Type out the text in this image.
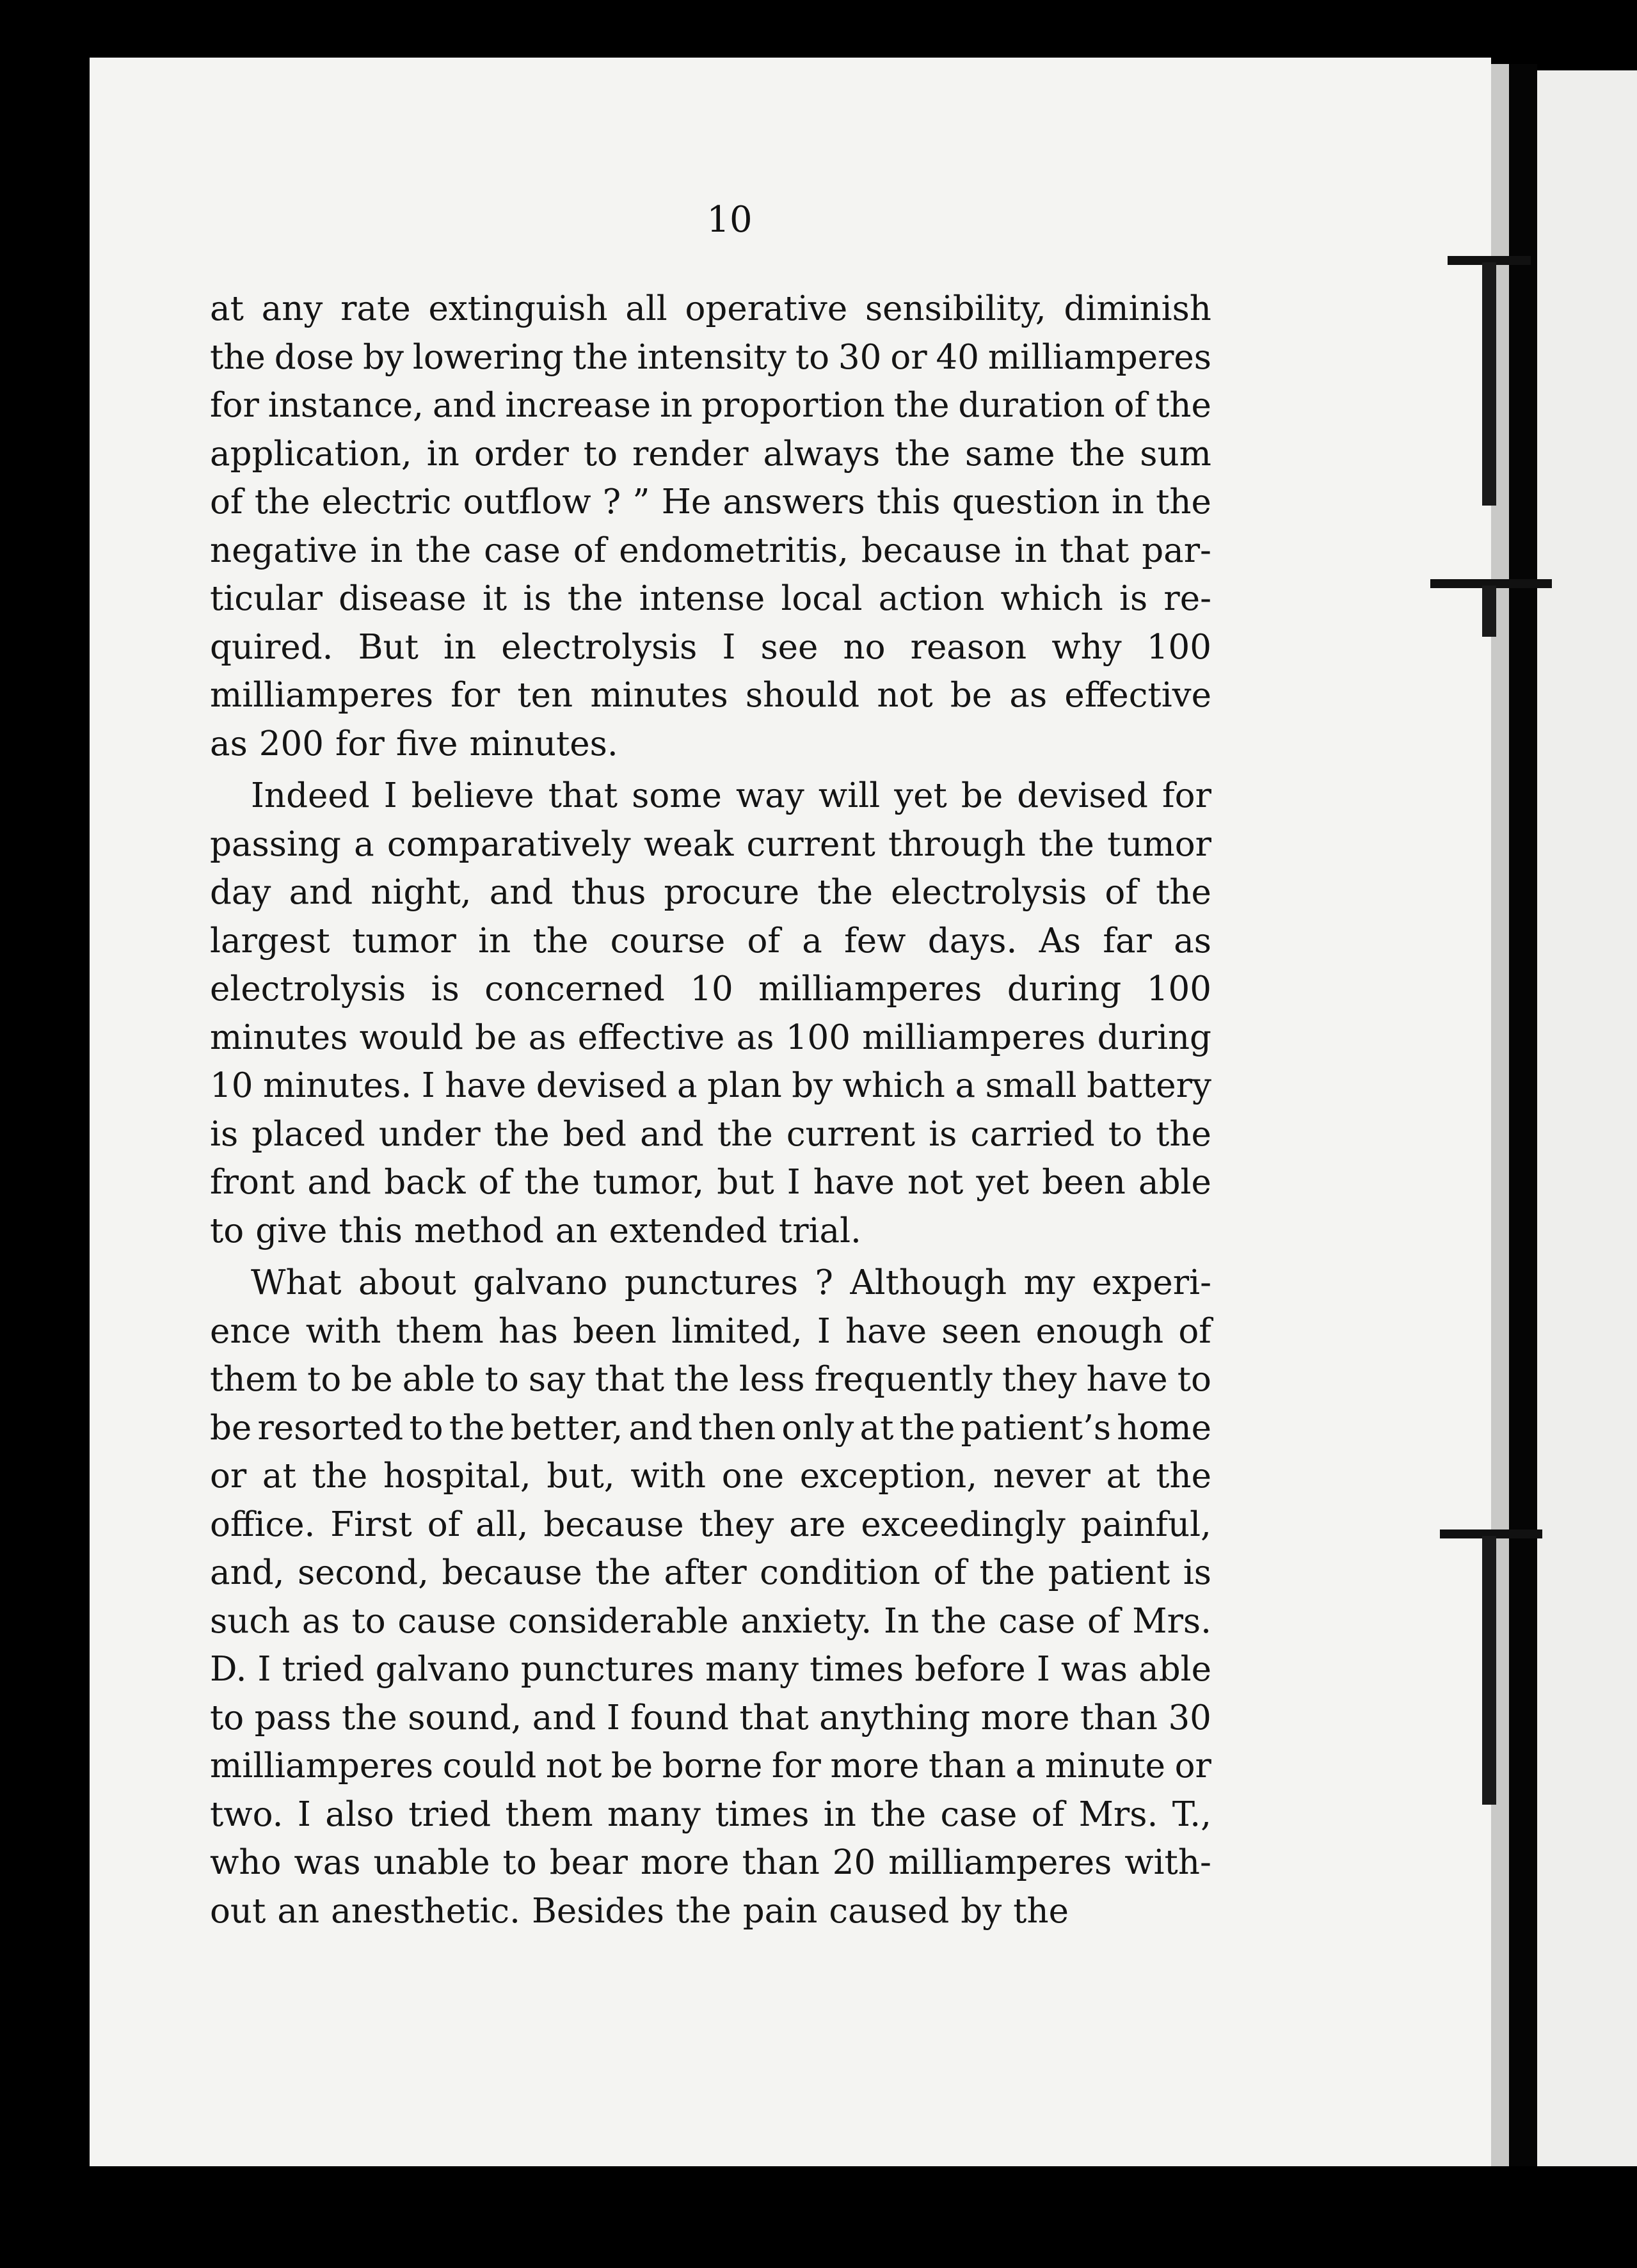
10
at any rate extinguish all operative sensibility, diminish
the dose by lowering the intensity to 30 or 40 milliamperes
for instance, and increase in proportion the duration of the
application, in order to render always the same the sum
of the electric outflow ? ” He answers this question in the
negative in the case of endometritis, because in that par-
ticular disease it is the intense local action which is re-
quired. But in electrolysis I see no reason why 100
milliamperes for ten minutes should not be as effective
as 200 for five minutes.
Indeed I believe that some way will yet be devised for
passing a comparatively weak current through the tumor
day and night, and thus procure the electrolysis of the
largest tumor in the course of a few days. As far as
electrolysis is concerned 10 milliamperes during 100
minutes would be as effective as 100 milliamperes during
10 minutes. I have devised a plan by which a small battery
is placed under the bed and the current is carried to the
front and back of the tumor, but I have not yet been able
to give this method an extended trial.
What about galvano punctures ? Although my experi-
ence with them has been limited, I have seen enough of
them to be able to say that the less frequently they have to
be resorted to the better, and then only at the patient’s home
or at the hospital, but, with one exception, never at the
office. First of all, because they are exceedingly painful,
and, second, because the after condition of the patient is
such as to cause considerable anxiety. In the case of Mrs.
D. I tried galvano punctures many times before I was able
to pass the sound, and I found that anything more than 30
milliamperes could not be borne for more than a minute or
two. I also tried them many times in the case of Mrs. T.,
who was unable to bear more than 20 milliamperes with-
out an anesthetic. Besides the pain caused by the
